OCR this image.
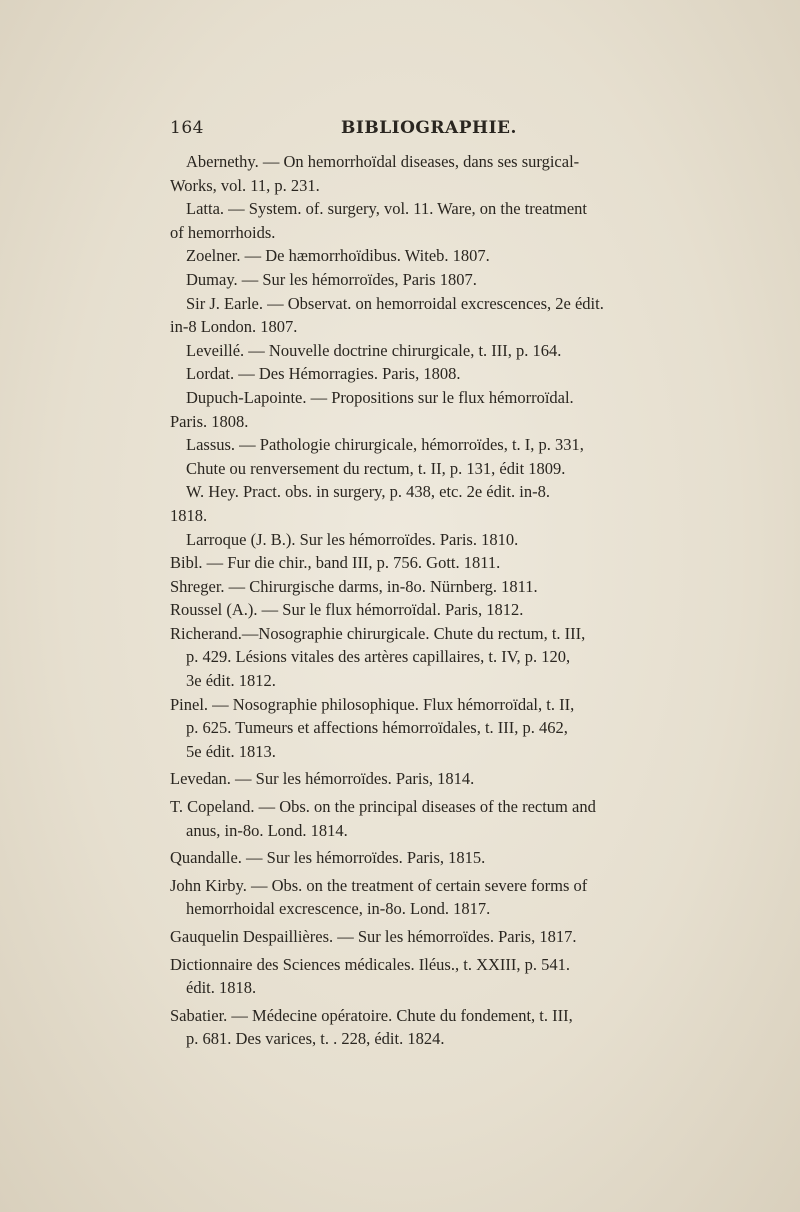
164	BIBLIOGRAPHIE.
Abernethy. — On hemorrhoïdal diseases, dans ses surgical-
Works, vol. 11, p. 231.
Latta. — System. of. surgery, vol. 11. Ware, on the treatment
of hemorrhoids.
Zoelner. — De hæmorrhoïdibus. Witeb. 1807.
Dumay. — Sur les hémorroïdes, Paris 1807.
Sir J. Earle. — Observat. on hemorroidal excrescences, 2e édit.
in-8 London. 1807.
Leveillé. — Nouvelle doctrine chirurgicale, t. III, p. 164.
Lordat. — Des Hémorragies. Paris, 1808.
Dupuch-Lapointe. — Propositions sur le flux hémorroïdal.
Paris. 1808.
Lassus. — Pathologie chirurgicale, hémorroïdes, t. I, p. 331,
Chute ou renversement du rectum, t. II, p. 131, édit 1809.
W. Hey. Pract. obs. in surgery, p. 438, etc. 2e édit. in-8.
1818.
Larroque (J. B.). Sur les hémorroïdes. Paris. 1810.
Bibl. — Fur die chir., band III, p. 756. Gott. 1811.
Shreger. — Chirurgische darms, in-8o. Nürnberg. 1811.
Roussel (A.). — Sur le flux hémorroïdal. Paris, 1812.
Richerand.—Nosographie chirurgicale. Chute du rectum, t. III,
p. 429. Lésions vitales des artères capillaires, t. IV, p. 120,
3e édit. 1812.
Pinel. — Nosographie philosophique. Flux hémorroïdal, t. II,
p. 625. Tumeurs et affections hémorroïdales, t. III, p. 462,
5e édit. 1813.
Levedan. — Sur les hémorroïdes. Paris, 1814.
T. Copeland. — Obs. on the principal diseases of the rectum and
anus, in-8o. Lond. 1814.
Quandalle. — Sur les hémorroïdes. Paris, 1815.
John Kirby. — Obs. on the treatment of certain severe forms of
hemorrhoidal excrescence, in-8o. Lond. 1817.
Gauquelin Despaillières. — Sur les hémorroïdes. Paris, 1817.
Dictionnaire des Sciences médicales. Iléus., t. XXIII, p. 541.
édit. 1818.
Sabatier. — Médecine opératoire. Chute du fondement, t. III,
p. 681. Des varices, t. . 228, édit. 1824.
